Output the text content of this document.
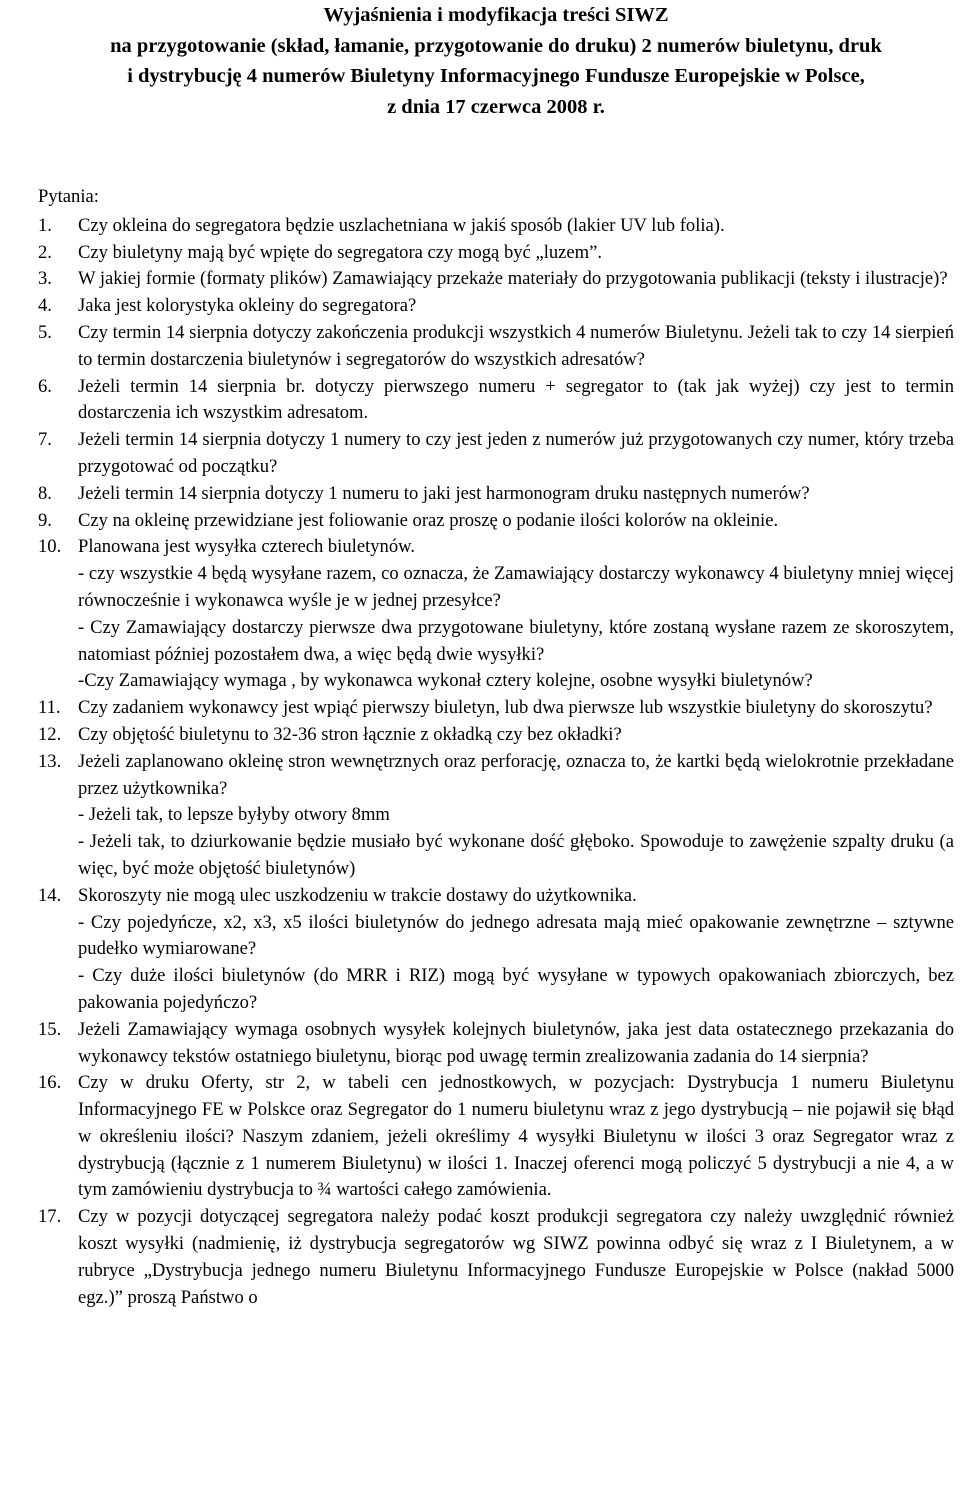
Wyjaśnienia i modyfikacja treści SIWZ
na przygotowanie (skład, łamanie, przygotowanie do druku) 2 numerów biuletynu, druk
i dystrybucję 4 numerów Biuletyny Informacyjnego Fundusze Europejskie w Polsce,
z dnia 17 czerwca 2008 r.
Pytania:
1. Czy okleina do segregatora będzie uszlachetniana w jakiś sposób (lakier UV lub folia).
2. Czy biuletyny mają być wpięte do segregatora czy mogą być „luzem”.
3. W jakiej formie (formaty plików) Zamawiający przekaże materiały do przygotowania publikacji (teksty i ilustracje)?
4. Jaka jest kolorystyka okleiny do segregatora?
5. Czy termin 14 sierpnia dotyczy zakończenia produkcji wszystkich 4 numerów Biuletynu. Jeżeli tak to czy 14 sierpień to termin dostarczenia biuletynów i segregatorów do wszystkich adresatów?
6. Jeżeli termin 14 sierpnia br. dotyczy pierwszego numeru + segregator to (tak jak wyżej) czy jest to termin dostarczenia ich wszystkim adresatom.
7. Jeżeli termin 14 sierpnia dotyczy 1 numery to czy jest jeden z numerów już przygotowanych czy numer, który trzeba przygotować od początku?
8. Jeżeli termin 14 sierpnia dotyczy 1 numeru to jaki jest harmonogram druku następnych numerów?
9. Czy na okleinę przewidziane jest foliowanie oraz proszę o podanie ilości kolorów na okleinie.
10. Planowana jest wysyłka czterech biuletynów.
- czy wszystkie 4 będą wysyłane razem, co oznacza, że Zamawiający dostarczy wykonawcy 4 biuletyny mniej więcej równocześnie i wykonawca wyśle je w jednej przesyłce?
- Czy Zamawiający dostarczy pierwsze dwa przygotowane biuletyny, które zostaną wysłane razem ze skoroszytem, natomiast później pozostałem dwa, a więc będą dwie wysyłki?
-Czy Zamawiający wymaga , by wykonawca wykonał cztery kolejne, osobne wysyłki biuletynów?
11. Czy zadaniem wykonawcy jest wpiąć pierwszy biuletyn, lub dwa pierwsze lub wszystkie biuletyny do skoroszytu?
12. Czy objętość biuletynu to 32-36 stron łącznie z okładką czy bez okładki?
13. Jeżeli zaplanowano okleinę stron wewnętrznych oraz perforację, oznacza to, że kartki będą wielokrotnie przekładane przez użytkownika?
- Jeżeli tak, to lepsze byłyby otwory 8mm
- Jeżeli tak, to dziurkowanie będzie musiało być wykonane dość głęboko. Spowoduje to zawężenie szpalty druku (a więc, być może objętość biuletynów)
14. Skoroszyty nie mogą ulec uszkodzeniu w trakcie dostawy do użytkownika.
- Czy pojedyńcze, x2, x3, x5 ilości biuletynów do jednego adresata mają mieć opakowanie zewnętrzne – sztywne pudełko wymiarowane?
- Czy duże ilości biuletynów (do MRR i RIZ) mogą być wysyłane w typowych opakowaniach zbiorczych, bez pakowania pojedyńczo?
15. Jeżeli Zamawiający wymaga osobnych wysyłek kolejnych biuletynów, jaka jest data ostatecznego przekazania do wykonawcy tekstów ostatniego biuletynu, biorąc pod uwagę termin zrealizowania zadania do 14 sierpnia?
16. Czy w druku Oferty, str 2, w tabeli cen jednostkowych, w pozycjach: Dystrybucja 1 numeru Biuletynu Informacyjnego FE w Polskce oraz Segregator do 1 numeru biuletynu wraz z jego dystrybucją – nie pojawił się błąd w określeniu ilości? Naszym zdaniem, jeżeli określimy 4 wysyłki Biuletynu w ilości 3 oraz Segregator wraz z dystrybucją (łącznie z 1 numerem Biuletynu) w ilości 1. Inaczej oferenci mogą policzyć 5 dystrybucji a nie 4, a w tym zamówieniu dystrybucja to ¾ wartości całego zamówienia.
17. Czy w pozycji dotyczącej segregatora należy podać koszt produkcji segregatora czy należy uwzględnić również koszt wysyłki (nadmienię, iż dystrybucja segregatorów wg SIWZ powinna odbyć się wraz z I Biuletynem, a w rubryce „Dystrybucja jednego numeru Biuletynu Informacyjnego Fundusze Europejskie w Polsce (nakład 5000 egz.)” proszą Państwo o
